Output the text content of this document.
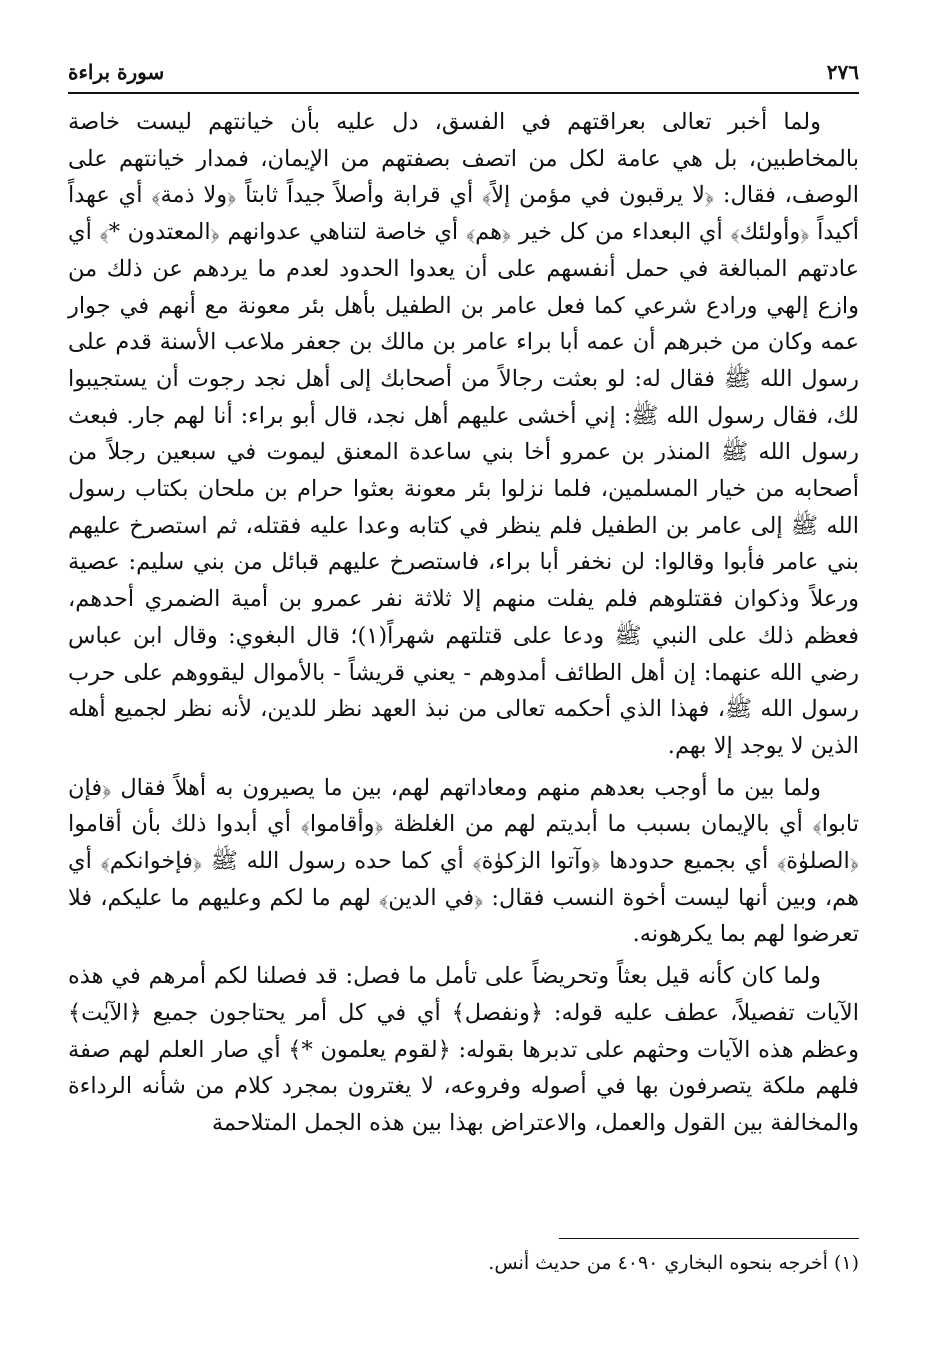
٢٧٦
سورة براءة

ولما أخبر تعالى بعراقتهم في الفسق، دل عليه بأن خيانتهم ليست خاصة بالمخاطبين، بل هي عامة لكل من اتصف بصفتهم من الإيمان، فمدار خيانتهم على الوصف، فقال: ﴿لا يرقبون في مؤمن إلاً﴾ أي قرابة وأصلاً جيداً ثابتاً ﴿ولا ذمة﴾ أي عهداً أكيداً ﴿وأولئك﴾ أي البعداء من كل خير ﴿هم﴾ أي خاصة لتناهي عدوانهم ﴿المعتدون *﴾ أي عادتهم المبالغة في حمل أنفسهم على أن يعدوا الحدود لعدم ما يردهم عن ذلك من وازع إلهي ورادع شرعي كما فعل عامر بن الطفيل بأهل بئر معونة مع أنهم في جوار عمه وكان من خبرهم أن عمه أبا براء عامر بن مالك بن جعفر ملاعب الأسنة قدم على رسول الله ﷺ فقال له: لو بعثت رجالاً من أصحابك إلى أهل نجد رجوت أن يستجيبوا لك، فقال رسول الله ﷺ: إني أخشى عليهم أهل نجد، قال أبو براء: أنا لهم جار. فبعث رسول الله ﷺ المنذر بن عمرو أخا بني ساعدة المعنق ليموت في سبعين رجلاً من أصحابه من خيار المسلمين، فلما نزلوا بئر معونة بعثوا حرام بن ملحان بكتاب رسول الله ﷺ إلى عامر بن الطفيل فلم ينظر في كتابه وعدا عليه فقتله، ثم استصرخ عليهم بني عامر فأبوا وقالوا: لن نخفر أبا براء، فاستصرخ عليهم قبائل من بني سليم: عصية ورعلاً وذكوان فقتلوهم فلم يفلت منهم إلا ثلاثة نفر عمرو بن أمية الضمري أحدهم، فعظم ذلك على النبي ﷺ ودعا على قتلتهم شهراً(١)؛ قال البغوي: وقال ابن عباس رضي الله عنهما: إن أهل الطائف أمدوهم - يعني قريشاً - بالأموال ليقووهم على حرب رسول الله ﷺ، فهذا الذي أحكمه تعالى من نبذ العهد نظر للدين، لأنه نظر لجميع أهله الذين لا يوجد إلا بهم.

ولما بين ما أوجب بعدهم منهم ومعاداتهم لهم، بين ما يصيرون به أهلاً فقال ﴿فإن تابوا﴾ أي بالإيمان بسبب ما أبديتم لهم من الغلظة ﴿وأقاموا﴾ أي أبدوا ذلك بأن أقاموا ﴿الصلوٰة﴾ أي بجميع حدودها ﴿وآتوا الزكوٰة﴾ أي كما حده رسول الله ﷺ ﴿فإخوانكم﴾ أي هم، وبين أنها ليست أخوة النسب فقال: ﴿في الدين﴾ لهم ما لكم وعليهم ما عليكم، فلا تعرضوا لهم بما يكرهونه.

ولما كان كأنه قيل بعثاً وتحريضاً على تأمل ما فصل: قد فصلنا لكم أمرهم في هذه الآيات تفصيلاً، عطف عليه قوله: ﴿ونفصل﴾ أي في كل أمر يحتاجون جميع ﴿الآيٰت﴾ وعظم هذه الآيات وحثهم على تدبرها بقوله: ﴿لقوم يعلمون *﴾ أي صار العلم لهم صفة فلهم ملكة يتصرفون بها في أصوله وفروعه، لا يغترون بمجرد كلام من شأنه الرداءة والمخالفة بين القول والعمل، والاعتراض بهذا بين هذه الجمل المتلاحمة

(١) أخرجه بنحوه البخاري ٤٠٩٠ من حديث أنس.
